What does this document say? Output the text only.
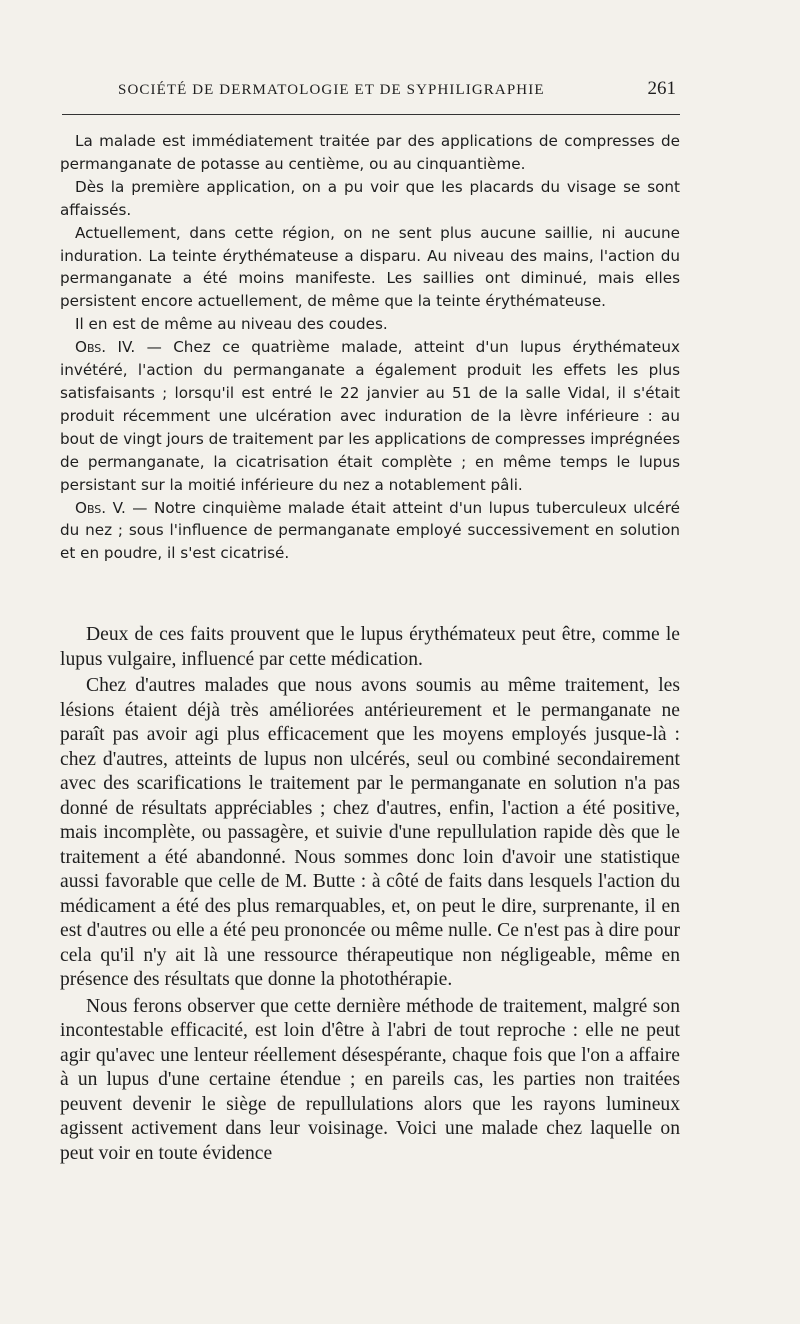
SOCIÉTÉ DE DERMATOLOGIE ET DE SYPHILIGRAPHIE	261

La malade est immédiatement traitée par des applications de compresses de permanganate de potasse au centième, ou au cinquantième.

Dès la première application, on a pu voir que les placards du visage se sont affaissés.

Actuellement, dans cette région, on ne sent plus aucune saillie, ni aucune induration. La teinte érythémateuse a disparu. Au niveau des mains, l'action du permanganate a été moins manifeste. Les saillies ont diminué, mais elles persistent encore actuellement, de même que la teinte érythémateuse.

Il en est de même au niveau des coudes.

Obs. IV. — Chez ce quatrième malade, atteint d'un lupus érythémateux invétéré, l'action du permanganate a également produit les effets les plus satisfaisants ; lorsqu'il est entré le 22 janvier au 51 de la salle Vidal, il s'était produit récemment une ulcération avec induration de la lèvre inférieure : au bout de vingt jours de traitement par les applications de compresses imprégnées de permanganate, la cicatrisation était complète ; en même temps le lupus persistant sur la moitié inférieure du nez a notablement pâli.

Obs. V. — Notre cinquième malade était atteint d'un lupus tuberculeux ulcéré du nez ; sous l'influence de permanganate employé successivement en solution et en poudre, il s'est cicatrisé.

Deux de ces faits prouvent que le lupus érythémateux peut être, comme le lupus vulgaire, influencé par cette médication.

Chez d'autres malades que nous avons soumis au même traitement, les lésions étaient déjà très améliorées antérieurement et le permanganate ne paraît pas avoir agi plus efficacement que les moyens employés jusque-là : chez d'autres, atteints de lupus non ulcérés, seul ou combiné secondairement avec des scarifications le traitement par le permanganate en solution n'a pas donné de résultats appréciables ; chez d'autres, enfin, l'action a été positive, mais incomplète, ou passagère, et suivie d'une repullulation rapide dès que le traitement a été abandonné. Nous sommes donc loin d'avoir une statistique aussi favorable que celle de M. Butte : à côté de faits dans lesquels l'action du médicament a été des plus remarquables, et, on peut le dire, surprenante, il en est d'autres ou elle a été peu prononcée ou même nulle. Ce n'est pas à dire pour cela qu'il n'y ait là une ressource thérapeutique non négligeable, même en présence des résultats que donne la photothérapie.

Nous ferons observer que cette dernière méthode de traitement, malgré son incontestable efficacité, est loin d'être à l'abri de tout reproche : elle ne peut agir qu'avec une lenteur réellement désespérante, chaque fois que l'on a affaire à un lupus d'une certaine étendue ; en pareils cas, les parties non traitées peuvent devenir le siège de repullulations alors que les rayons lumineux agissent activement dans leur voisinage. Voici une malade chez laquelle on peut voir en toute évidence
